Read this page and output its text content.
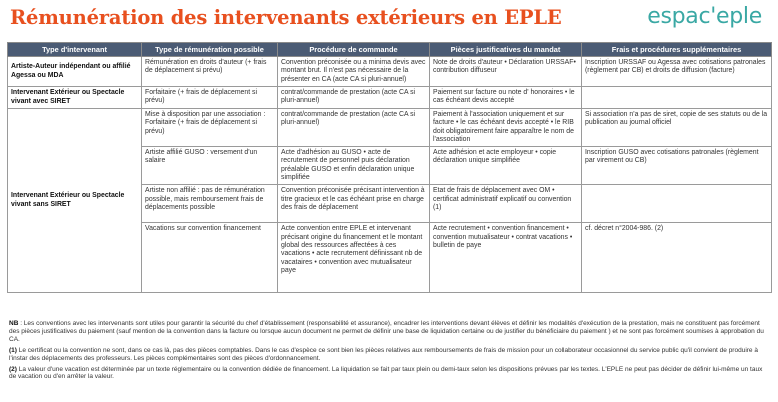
Rémunération des intervenants extérieurs en EPLE	espac'eple
Type d'intervenant	Type de rémunération possible	Procédure de commande	Pièces justificatives du mandat	Frais et procédures supplémentaires
Artiste-Auteur indépendant ou affilié Agessa ou MDA	Rémunération en droits d'auteur (+ frais de déplacement si prévu)	Convention préconisée ou a minima devis avec montant brut. Il n'est pas nécessaire de la présenter en CA (acte CA si pluri-annuel)	Note de droits d'auteur • Déclaration URSSAF• contribution diffuseur	Inscription URSSAF ou Agessa avec cotisations patronales (règlement par CB) et droits de diffusion (facture)
Intervenant Extérieur ou Spectacle vivant avec SIRET	Forfaitaire (+ frais de déplacement si prévu)	contrat/commande de prestation (acte CA si pluri-annuel)	Paiement sur facture ou note d' honoraires • le cas échéant devis accepté	
Intervenant Extérieur ou Spectacle vivant sans SIRET	Mise à disposition par une association : Forfaitaire (+ frais de déplacement si prévu)	contrat/commande de prestation (acte CA si pluri-annuel)	Paiement à l'association uniquement et sur facture • le cas échéant devis accepté • le RIB doit obligatoirement faire apparaître le nom de l'association	Si association n'a pas de siret, copie de ses statuts ou de la publication au journal officiel
	Artiste affilié GUSO : versement d'un salaire	Acte d'adhésion au GUSO • acte de recrutement de personnel puis déclaration préalable GUSO et enfin déclaration unique simplifiée	Acte adhésion et acte employeur • copie déclaration unique simplifiée	Inscription GUSO avec cotisations patronales (règlement par virement ou CB)
	Artiste non affilié : pas de rémunération possible, mais remboursement frais de déplacements possible	Convention préconisée précisant intervention à titre gracieux et le cas échéant prise en charge des frais de déplacement	Etat de frais de déplacement avec OM • certificat administratif explicatif ou convention (1)	
	Vacations sur convention financement	Acte convention entre EPLE et intervenant précisant origine du financement et le montant global des ressources affectées à ces vacations • acte recrutement définissant nb de vacataires • convention avec mutualisateur paye	Acte recrutement • convention financement • convention mutualisateur • contrat vacations • bulletin de paye	cf. décret n°2004-986. (2)

NB : Les conventions avec les intervenants sont utiles pour garantir la sécurité du chef d'établissement (responsabilité et assurance), encadrer les interventions devant élèves et définir les modalités d'exécution de la prestation, mais ne constituent pas forcément des pièces justificatives du paiement (sauf mention de la convention dans la facture ou lorsque aucun document ne permet de définir une base de liquidation certaine ou de justifier du bénéficiaire du paiement ) et ne sont pas forcément soumises à approbation du CA.

(1) Le certificat ou la convention ne sont, dans ce cas là, pas des pièces comptables. Dans le cas d'espèce ce sont bien les pièces relatives aux remboursements de frais de mission pour un collaborateur occasionnel du service public qu'il convient de produire à l'instar des déplacements des professeurs. Les pièces complémentaires sont des pièces d'ordonnancement.

(2) La valeur d'une vacation est déterminée par un texte réglementaire ou la convention dédiée de financement. La liquidation se fait par taux plein ou demi-taux selon les dispositions prévues par les textes. L'EPLE ne peut pas décider de définir lui-même un taux de vacation ou d'en arrêter la valeur.
